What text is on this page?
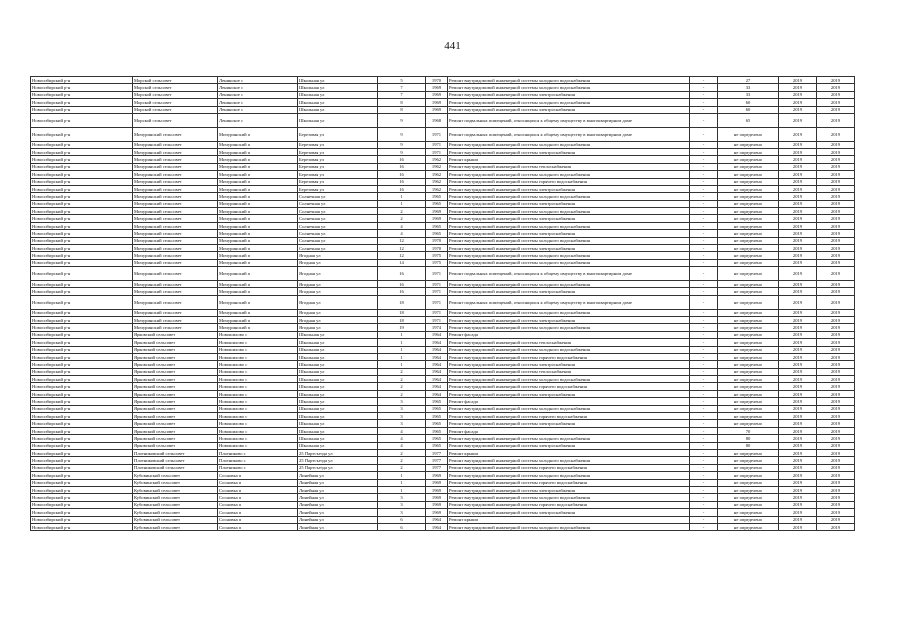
441
Новосибирский р-н	Морской сельсовет	Ленинское с	Школьная ул	5	1970	Ремонт внутридомовой инженерной системы холодного водоснабжения	-	27	2019	2019
Новосибирский р-н	Морской сельсовет	Ленинское с	Школьная ул	7	1969	Ремонт внутридомовой инженерной системы холодного водоснабжения	-	33	2019	2019
Новосибирский р-н	Морской сельсовет	Ленинское с	Школьная ул	7	1969	Ремонт внутридомовой инженерной системы электроснабжения	-	33	2019	2019
Новосибирский р-н	Морской сельсовет	Ленинское с	Школьная ул	8	1969	Ремонт внутридомовой инженерной системы холодного водоснабжения	-	60	2019	2019
Новосибирский р-н	Морской сельсовет	Ленинское с	Школьная ул	8	1969	Ремонт внутридомовой инженерной системы электроснабжения	-	60	2019	2019
Новосибирский р-н	Морской сельсовет	Ленинское с	Школьная ул	9	1968	Ремонт подвальных помещений, относящихся к общему имуществу в многоквартирном доме	-	65	2019	2019
Новосибирский р-н	Мичуринский сельсовет	Мичуринский п	Березовая ул	9	1971	Ремонт подвальных помещений, относящихся к общему имуществу в многоквартирном доме	-	не определено	2019	2019
Новосибирский р-н	Мичуринский сельсовет	Мичуринский п	Березовая ул	9	1971	Ремонт внутридомовой инженерной системы холодного водоснабжения	-	не определено	2019	2019
Новосибирский р-н	Мичуринский сельсовет	Мичуринский п	Березовая ул	9	1971	Ремонт внутридомовой инженерной системы электроснабжения	-	не определено	2019	2019
Новосибирский р-н	Мичуринский сельсовет	Мичуринский п	Березовая ул	16	1962	Ремонт крыши	-	не определено	2019	2019
Новосибирский р-н	Мичуринский сельсовет	Мичуринский п	Березовая ул	16	1962	Ремонт внутридомовой инженерной системы теплоснабжения	-	не определено	2019	2019
Новосибирский р-н	Мичуринский сельсовет	Мичуринский п	Березовая ул	16	1962	Ремонт внутридомовой инженерной системы холодного водоснабжения	-	не определено	2019	2019
Новосибирский р-н	Мичуринский сельсовет	Мичуринский п	Березовая ул	16	1962	Ремонт внутридомовой инженерной системы горячего водоснабжения	-	не определено	2019	2019
Новосибирский р-н	Мичуринский сельсовет	Мичуринский п	Березовая ул	16	1962	Ремонт внутридомовой инженерной системы электроснабжения	-	не определено	2019	2019
Новосибирский р-н	Мичуринский сельсовет	Мичуринский п	Солнечная ул	1	1965	Ремонт внутридомовой инженерной системы холодного водоснабжения	-	не определено	2019	2019
Новосибирский р-н	Мичуринский сельсовет	Мичуринский п	Солнечная ул	1	1965	Ремонт внутридомовой инженерной системы электроснабжения	-	не определено	2019	2019
Новосибирский р-н	Мичуринский сельсовет	Мичуринский п	Солнечная ул	2	1969	Ремонт внутридомовой инженерной системы холодного водоснабжения	-	не определено	2019	2019
Новосибирский р-н	Мичуринский сельсовет	Мичуринский п	Солнечная ул	2	1969	Ремонт внутридомовой инженерной системы электроснабжения	-	не определено	2019	2019
Новосибирский р-н	Мичуринский сельсовет	Мичуринский п	Солнечная ул	4	1965	Ремонт внутридомовой инженерной системы холодного водоснабжения	-	не определено	2019	2019
Новосибирский р-н	Мичуринский сельсовет	Мичуринский п	Солнечная ул	4	1965	Ремонт внутридомовой инженерной системы электроснабжения	-	не определено	2019	2019
Новосибирский р-н	Мичуринский сельсовет	Мичуринский п	Солнечная ул	12	1970	Ремонт внутридомовой инженерной системы холодного водоснабжения	-	не определено	2019	2019
Новосибирский р-н	Мичуринский сельсовет	Мичуринский п	Солнечная ул	12	1970	Ремонт внутридомовой инженерной системы электроснабжения	-	не определено	2019	2019
Новосибирский р-н	Мичуринский сельсовет	Мичуринский п	Ягодная ул	12	1975	Ремонт внутридомовой инженерной системы холодного водоснабжения	-	не определено	2019	2019
Новосибирский р-н	Мичуринский сельсовет	Мичуринский п	Ягодная ул	14	1975	Ремонт внутридомовой инженерной системы холодного водоснабжения	-	не определено	2019	2019
Новосибирский р-н	Мичуринский сельсовет	Мичуринский п	Ягодная ул	16	1971	Ремонт подвальных помещений, относящихся к общему имуществу в многоквартирном доме	-	не определено	2019	2019
Новосибирский р-н	Мичуринский сельсовет	Мичуринский п	Ягодная ул	16	1971	Ремонт внутридомовой инженерной системы холодного водоснабжения	-	не определено	2019	2019
Новосибирский р-н	Мичуринский сельсовет	Мичуринский п	Ягодная ул	16	1971	Ремонт внутридомовой инженерной системы электроснабжения	-	не определено	2019	2019
Новосибирский р-н	Мичуринский сельсовет	Мичуринский п	Ягодная ул	18	1971	Ремонт подвальных помещений, относящихся к общему имуществу в многоквартирном доме	-	не определено	2019	2019
Новосибирский р-н	Мичуринский сельсовет	Мичуринский п	Ягодная ул	18	1971	Ремонт внутридомовой инженерной системы холодного водоснабжения	-	не определено	2019	2019
Новосибирский р-н	Мичуринский сельсовет	Мичуринский п	Ягодная ул	18	1971	Ремонт внутридомовой инженерной системы электроснабжения	-	не определено	2019	2019
Новосибирский р-н	Мичуринский сельсовет	Мичуринский п	Ягодная ул	19	1974	Ремонт внутридомовой инженерной системы холодного водоснабжения	-	не определено	2019	2019
Новосибирский р-н	Ярковский сельсовет	Новошилово с	Школьная ул	1	1964	Ремонт фасада	-	не определено	2019	2019
Новосибирский р-н	Ярковский сельсовет	Новошилово с	Школьная ул	1	1964	Ремонт внутридомовой инженерной системы теплоснабжения	-	не определено	2019	2019
Новосибирский р-н	Ярковский сельсовет	Новошилово с	Школьная ул	1	1964	Ремонт внутридомовой инженерной системы холодного водоснабжения	-	не определено	2019	2019
Новосибирский р-н	Ярковский сельсовет	Новошилово с	Школьная ул	1	1964	Ремонт внутридомовой инженерной системы горячего водоснабжения	-	не определено	2019	2019
Новосибирский р-н	Ярковский сельсовет	Новошилово с	Школьная ул	1	1964	Ремонт внутридомовой инженерной системы электроснабжения	-	не определено	2019	2019
Новосибирский р-н	Ярковский сельсовет	Новошилово с	Школьная ул	2	1964	Ремонт внутридомовой инженерной системы теплоснабжения	-	не определено	2019	2019
Новосибирский р-н	Ярковский сельсовет	Новошилово с	Школьная ул	2	1964	Ремонт внутридомовой инженерной системы холодного водоснабжения	-	не определено	2019	2019
Новосибирский р-н	Ярковский сельсовет	Новошилово с	Школьная ул	2	1964	Ремонт внутридомовой инженерной системы горячего водоснабжения	-	не определено	2019	2019
Новосибирский р-н	Ярковский сельсовет	Новошилово с	Школьная ул	2	1964	Ремонт внутридомовой инженерной системы электроснабжения	-	не определено	2019	2019
Новосибирский р-н	Ярковский сельсовет	Новошилово с	Школьная ул	3	1965	Ремонт фасада	-	не определено	2019	2019
Новосибирский р-н	Ярковский сельсовет	Новошилово с	Школьная ул	3	1965	Ремонт внутридомовой инженерной системы холодного водоснабжения	-	не определено	2019	2019
Новосибирский р-н	Ярковский сельсовет	Новошилово с	Школьная ул	3	1965	Ремонт внутридомовой инженерной системы горячего водоснабжения	-	не определено	2019	2019
Новосибирский р-н	Ярковский сельсовет	Новошилово с	Школьная ул	3	1965	Ремонт внутридомовой инженерной системы электроснабжения	-	не определено	2019	2019
Новосибирский р-н	Ярковский сельсовет	Новошилово с	Школьная ул	4	1965	Ремонт фасада	-	70	2019	2019
Новосибирский р-н	Ярковский сельсовет	Новошилово с	Школьная ул	4	1965	Ремонт внутридомовой инженерной системы холодного водоснабжения	-	80	2019	2019
Новосибирский р-н	Ярковский сельсовет	Новошилово с	Школьная ул	4	1965	Ремонт внутридомовой инженерной системы электроснабжения	-	80	2019	2019
Новосибирский р-н	Плотниковский сельсовет	Плотниково с	25 Партсъезда ул	2	1977	Ремонт крыши	-	не определено	2019	2019
Новосибирский р-н	Плотниковский сельсовет	Плотниково с	25 Партсъезда ул	2	1977	Ремонт внутридомовой инженерной системы холодного водоснабжения	-	не определено	2019	2019
Новосибирский р-н	Плотниковский сельсовет	Плотниково с	25 Партсъезда ул	2	1977	Ремонт внутридомовой инженерной системы горячего водоснабжения	-	не определено	2019	2019
Новосибирский р-н	Кубовинский сельсовет	Сосновка п	Линейная ул	1	1969	Ремонт внутридомовой инженерной системы холодного водоснабжения	-	не определено	2019	2019
Новосибирский р-н	Кубовинский сельсовет	Сосновка п	Линейная ул	1	1969	Ремонт внутридомовой инженерной системы горячего водоснабжения	-	не определено	2019	2019
Новосибирский р-н	Кубовинский сельсовет	Сосновка п	Линейная ул	1	1969	Ремонт внутридомовой инженерной системы электроснабжения	-	не определено	2019	2019
Новосибирский р-н	Кубовинский сельсовет	Сосновка п	Линейная ул	3	1969	Ремонт внутридомовой инженерной системы холодного водоснабжения	-	не определено	2019	2019
Новосибирский р-н	Кубовинский сельсовет	Сосновка п	Линейная ул	3	1969	Ремонт внутридомовой инженерной системы горячего водоснабжения	-	не определено	2019	2019
Новосибирский р-н	Кубовинский сельсовет	Сосновка п	Линейная ул	3	1969	Ремонт внутридомовой инженерной системы электроснабжения	-	не определено	2019	2019
Новосибирский р-н	Кубовинский сельсовет	Сосновка п	Линейная ул	6	1964	Ремонт крыши	-	не определено	2019	2019
Новосибирский р-н	Кубовинский сельсовет	Сосновка п	Линейная ул	6	1964	Ремонт внутридомовой инженерной системы холодного водоснабжения	-	не определено	2019	2019
